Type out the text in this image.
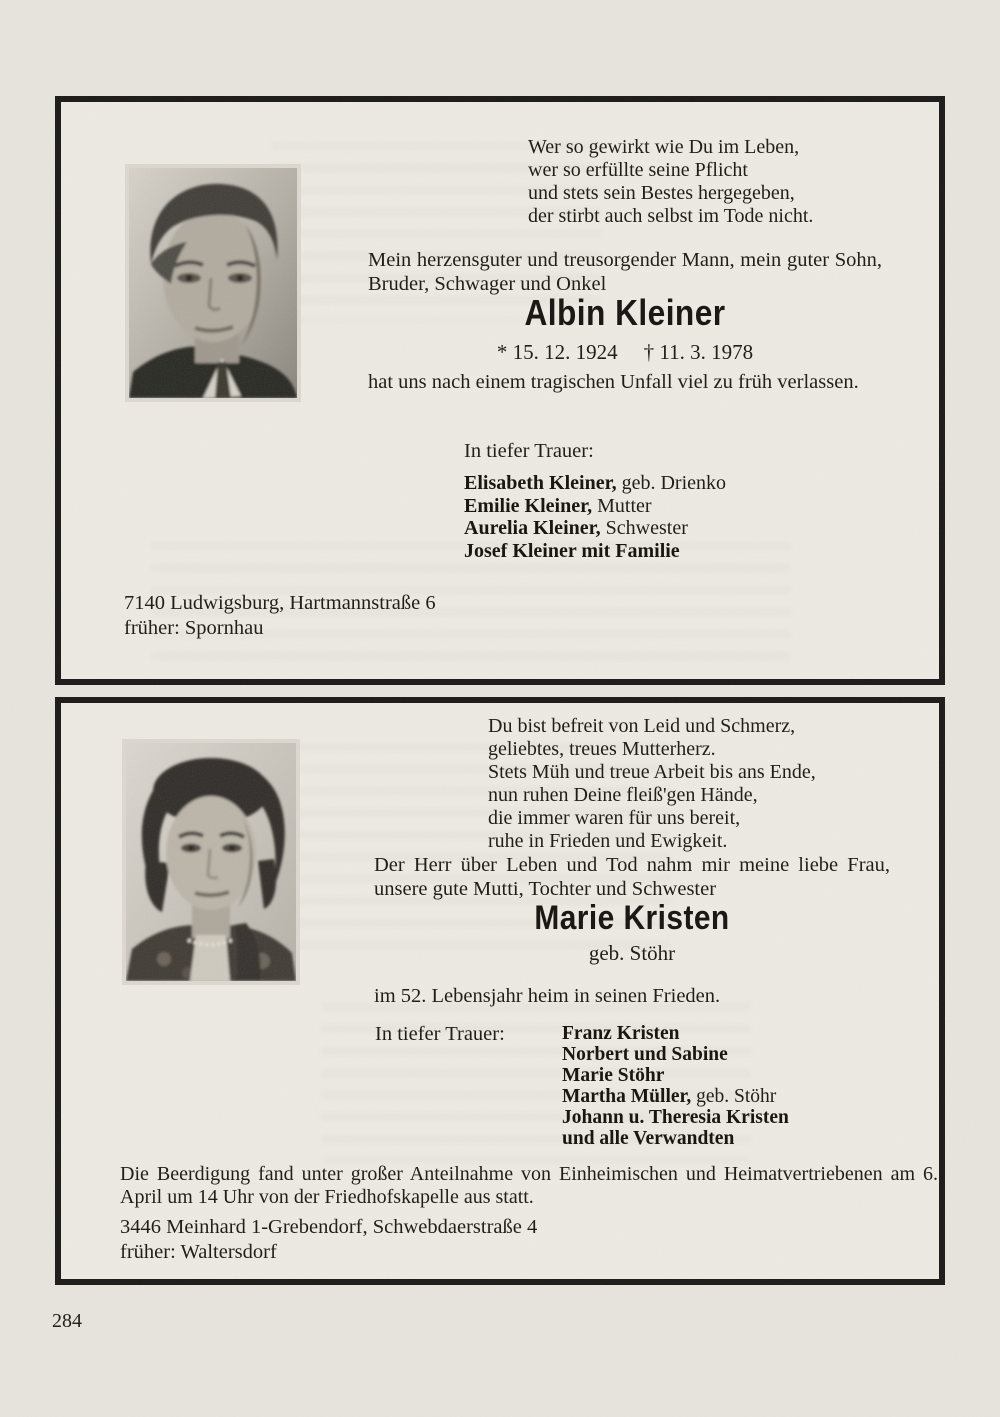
Wer so gewirkt wie Du im Leben,
wer so erfüllte seine Pflicht
und stets sein Bestes hergegeben,
der stirbt auch selbst im Tode nicht.
Mein herzensguter und treusorgender Mann, mein guter Sohn, Bruder, Schwager und Onkel
Albin Kleiner
* 15. 12. 1924 † 11. 3. 1978
hat uns nach einem tragischen Unfall viel zu früh verlassen.
In tiefer Trauer:
Elisabeth Kleiner, geb. Drienko
Emilie Kleiner, Mutter
Aurelia Kleiner, Schwester
Josef Kleiner mit Familie
7140 Ludwigsburg, Hartmannstraße 6
früher: Spornhau
Du bist befreit von Leid und Schmerz,
geliebtes, treues Mutterherz.
Stets Müh und treue Arbeit bis ans Ende,
nun ruhen Deine fleiß'gen Hände,
die immer waren für uns bereit,
ruhe in Frieden und Ewigkeit.
Der Herr über Leben und Tod nahm mir meine liebe Frau, unsere gute Mutti, Tochter und Schwester
Marie Kristen
geb. Stöhr
im 52. Lebensjahr heim in seinen Frieden.
In tiefer Trauer:	Franz Kristen
Norbert und Sabine
Marie Stöhr
Martha Müller, geb. Stöhr
Johann u. Theresia Kristen
und alle Verwandten
Die Beerdigung fand unter großer Anteilnahme von Einheimischen und Heimatvertriebenen am 6. April um 14 Uhr von der Friedhofskapelle aus statt.
3446 Meinhard 1-Grebendorf, Schwebdaerstraße 4
früher: Waltersdorf
284
